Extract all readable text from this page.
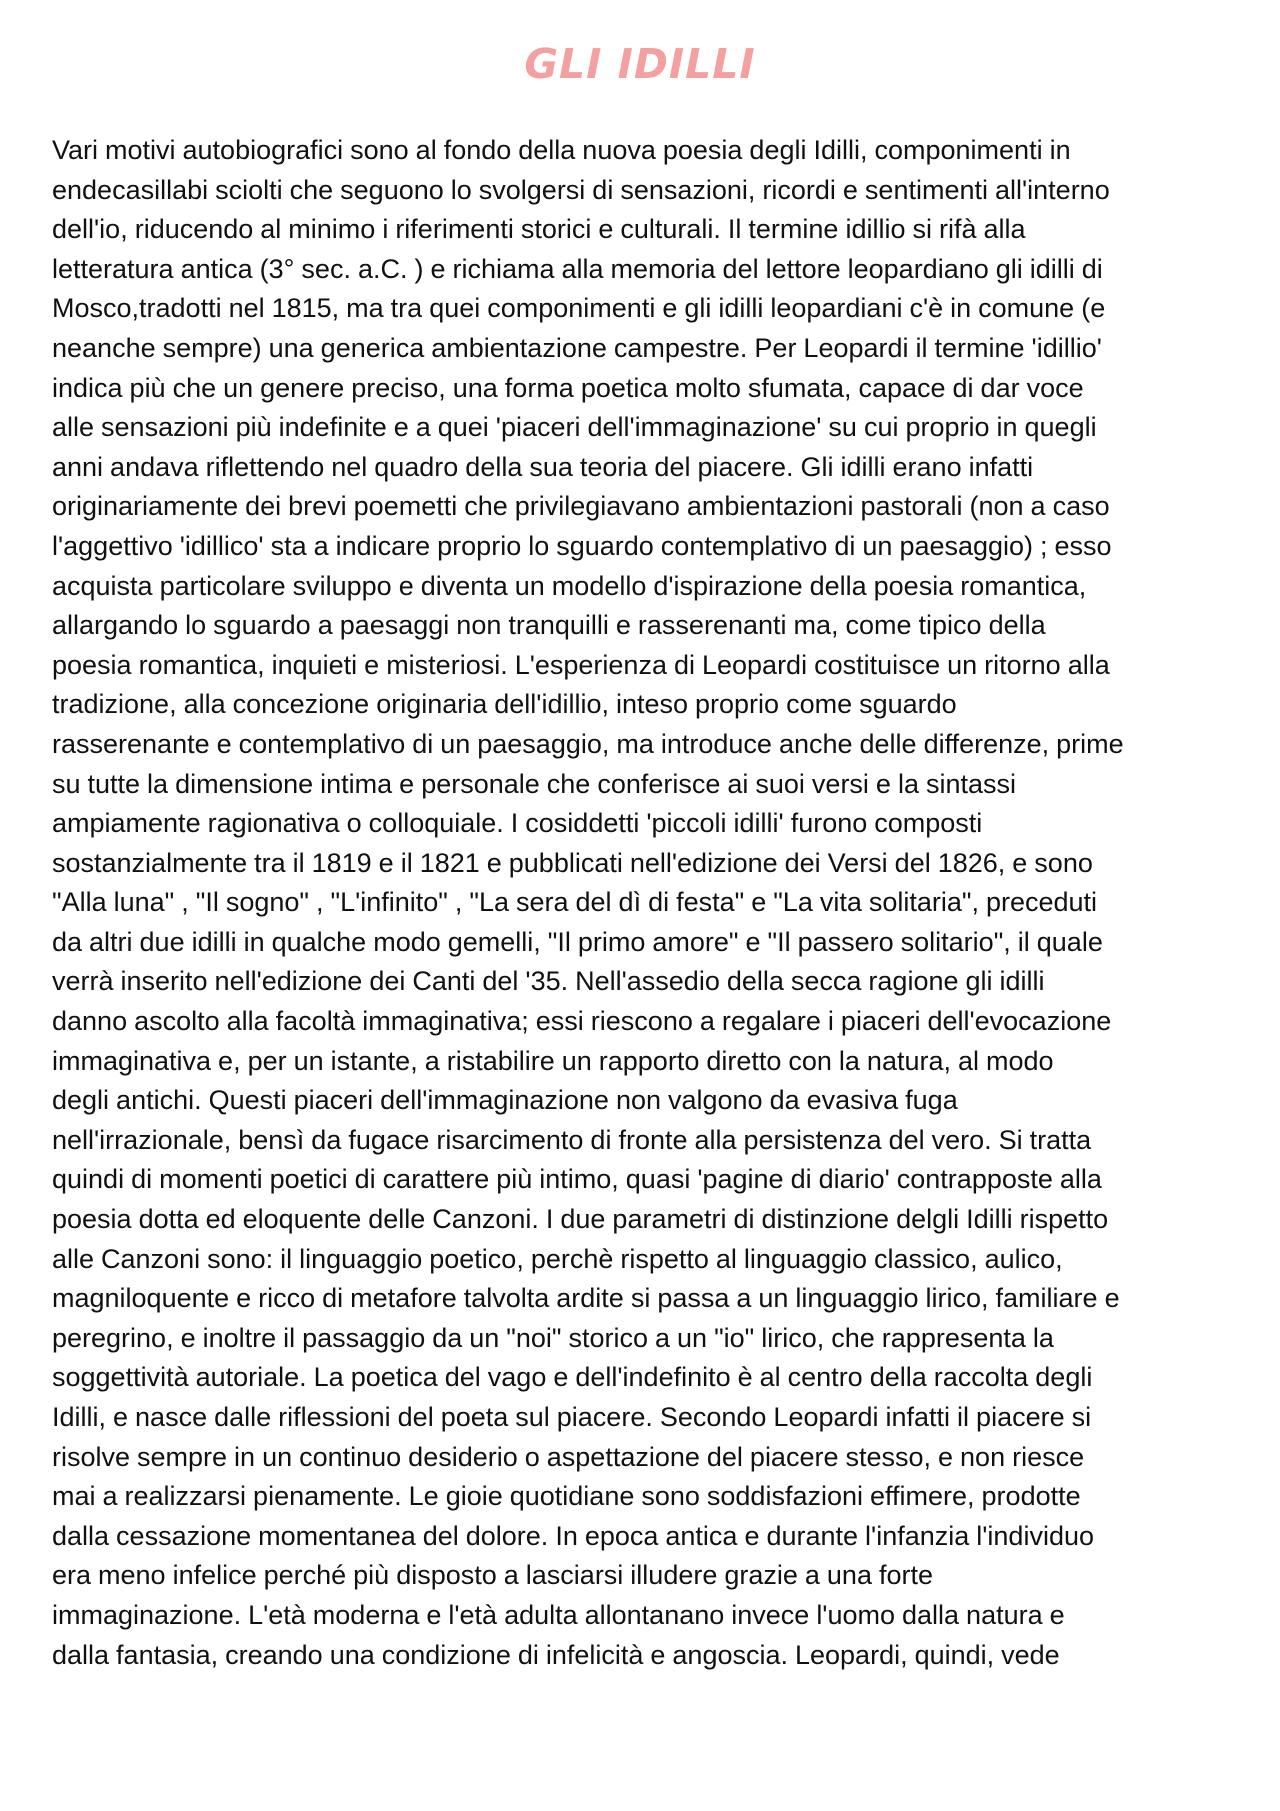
GLI IDILLI

Vari motivi autobiografici sono al fondo della nuova poesia degli Idilli, componimenti in
endecasillabi sciolti che seguono lo svolgersi di sensazioni, ricordi e sentimenti all'interno
dell'io, riducendo al minimo i riferimenti storici e culturali. Il termine idillio si rifà alla
letteratura antica (3° sec. a.C. ) e richiama alla memoria del lettore leopardiano gli idilli di
Mosco,tradotti nel 1815, ma tra quei componimenti e gli idilli leopardiani c'è in comune (e
neanche sempre) una generica ambientazione campestre. Per Leopardi il termine 'idillio'
indica più che un genere preciso, una forma poetica molto sfumata, capace di dar voce
alle sensazioni più indefinite e a quei 'piaceri dell'immaginazione' su cui proprio in quegli
anni andava riflettendo nel quadro della sua teoria del piacere. Gli idilli erano infatti
originariamente dei brevi poemetti che privilegiavano ambientazioni pastorali (non a caso
l'aggettivo 'idillico' sta a indicare proprio lo sguardo contemplativo di un paesaggio) ; esso
acquista particolare sviluppo e diventa un modello d'ispirazione della poesia romantica,
allargando lo sguardo a paesaggi non tranquilli e rasserenanti ma, come tipico della
poesia romantica, inquieti e misteriosi. L'esperienza di Leopardi costituisce un ritorno alla
tradizione, alla concezione originaria dell'idillio, inteso proprio come sguardo
rasserenante e contemplativo di un paesaggio, ma introduce anche delle differenze, prime
su tutte la dimensione intima e personale che conferisce ai suoi versi e la sintassi
ampiamente ragionativa o colloquiale. I cosiddetti 'piccoli idilli' furono composti
sostanzialmente tra il 1819 e il 1821 e pubblicati nell'edizione dei Versi del 1826, e sono
"Alla luna" , "Il sogno" , "L'infinito" , "La sera del dì di festa" e "La vita solitaria", preceduti
da altri due idilli in qualche modo gemelli, "Il primo amore" e "Il passero solitario", il quale
verrà inserito nell'edizione dei Canti del '35. Nell'assedio della secca ragione gli idilli
danno ascolto alla facoltà immaginativa; essi riescono a regalare i piaceri dell'evocazione
immaginativa e, per un istante, a ristabilire un rapporto diretto con la natura, al modo
degli antichi. Questi piaceri dell'immaginazione non valgono da evasiva fuga
nell'irrazionale, bensì da fugace risarcimento di fronte alla persistenza del vero. Si tratta
quindi di momenti poetici di carattere più intimo, quasi 'pagine di diario' contrapposte alla
poesia dotta ed eloquente delle Canzoni. I due parametri di distinzione delgli Idilli rispetto
alle Canzoni sono: il linguaggio poetico, perchè rispetto al linguaggio classico, aulico,
magniloquente e ricco di metafore talvolta ardite si passa a un linguaggio lirico, familiare e
peregrino, e inoltre il passaggio da un "noi" storico a un "io" lirico, che rappresenta la
soggettività autoriale. La poetica del vago e dell'indefinito è al centro della raccolta degli
Idilli, e nasce dalle riflessioni del poeta sul piacere. Secondo Leopardi infatti il piacere si
risolve sempre in un continuo desiderio o aspettazione del piacere stesso, e non riesce
mai a realizzarsi pienamente. Le gioie quotidiane sono soddisfazioni effimere, prodotte
dalla cessazione momentanea del dolore. In epoca antica e durante l'infanzia l'individuo
era meno infelice perché più disposto a lasciarsi illudere grazie a una forte
immaginazione. L'età moderna e l'età adulta allontanano invece l'uomo dalla natura e
dalla fantasia, creando una condizione di infelicità e angoscia. Leopardi, quindi, vede
